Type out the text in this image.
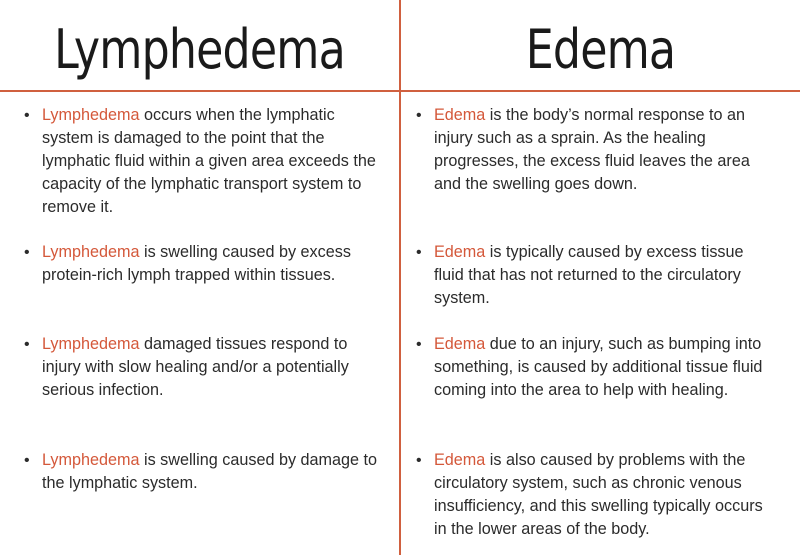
Lymphedema	Edema
• Lymphedema occurs when the lymphatic system is damaged to the point that the lymphatic fluid within a given area exceeds the capacity of the lymphatic transport system to remove it.
• Lymphedema is swelling caused by excess protein-rich lymph trapped within tissues.
• Lymphedema damaged tissues respond to injury with slow healing and/or a potentially serious infection.
• Lymphedema is swelling caused by damage to the lymphatic system.
• Edema is the body’s normal response to an injury such as a sprain. As the healing progresses, the excess fluid leaves the area and the swelling goes down.
• Edema is typically caused by excess tissue fluid that has not returned to the circulatory system.
• Edema due to an injury, such as bumping into something, is caused by additional tissue fluid coming into the area to help with healing.
• Edema is also caused by problems with the circulatory system, such as chronic venous insufficiency, and this swelling typically occurs in the lower areas of the body.
